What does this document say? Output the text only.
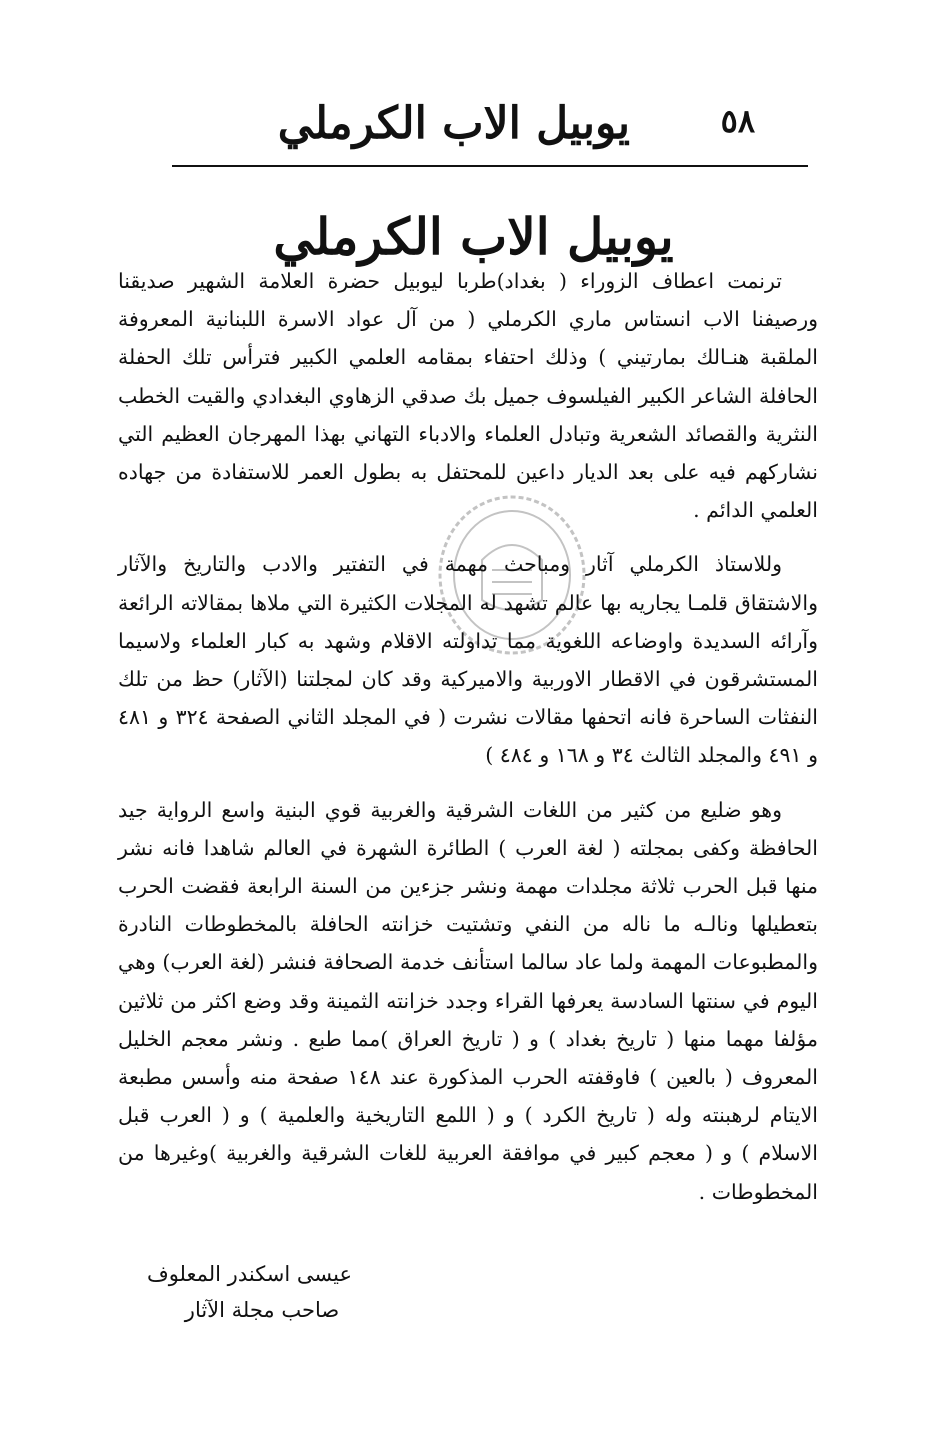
يوبيل الاب الكرملي	٥٨
يوبيل الاب الكرملي

ترنمت اعطاف الزوراء ( بغداد)طربا ليوبيل حضرة العلامة الشهير صديقنا ورصيفنا الاب انستاس ماري الكرملي ( من آل عواد الاسرة اللبنانية المعروفة الملقبة هنـالك بمارتيني ) وذلك احتفاء بمقامه العلمي الكبير فترأس تلك الحفلة الحافلة الشاعر الكبير الفيلسوف جميل بك صدقي الزهاوي البغدادي والقيت الخطب النثرية والقصائد الشعرية وتبادل العلماء والادباء التهاني بهذا المهرجان العظيم التي نشاركهم فيه على بعد الديار داعين للمحتفل به بطول العمر للاستفادة من جهاده العلمي الدائم .

وللاستاذ الكرملي آثار ومباحث مهمة في التفتير والادب والتاريخ والآثار والاشتقاق قلمـا يجاريه بها عالم تشهد له المجلات الكثيرة التي ملاها بمقالاته الرائعة وآرائه السديدة واوضاعه اللغوية مما تداولته الاقلام وشهد به كبار العلماء ولاسيما المستشرقون في الاقطار الاوربية والاميركية وقد كان لمجلتنا (الآثار) حظ من تلك النفثات الساحرة فانه اتحفها مقالات نشرت ( في المجلد الثاني الصفحة ٣٢٤ و ٤٨١ و ٤٩١ والمجلد الثالث ٣٤ و ١٦٨ و ٤٨٤ )

وهو ضليع من كثير من اللغات الشرقية والغربية قوي البنية واسع الرواية جيد الحافظة وكفى بمجلته ( لغة العرب ) الطائرة الشهرة في العالم شاهدا فانه نشر منها قبل الحرب ثلاثة مجلدات مهمة ونشر جزءين من السنة الرابعة فقضت الحرب بتعطيلها ونالـه ما ناله من النفي وتشتيت خزانته الحافلة بالمخطوطات النادرة والمطبوعات المهمة ولما عاد سالما استأنف خدمة الصحافة فنشر (لغة العرب) وهي اليوم في سنتها السادسة يعرفها القراء وجدد خزانته الثمينة وقد وضع اكثر من ثلاثين مؤلفا مهما منها ( تاريخ بغداد ) و ( تاريخ العراق )مما طبع . ونشر معجم الخليل المعروف ( بالعين ) فاوقفته الحرب المذكورة عند ١٤٨ صفحة منه وأسس مطبعة الايتام لرهبنته وله ( تاريخ الكرد ) و ( اللمع التاريخية والعلمية ) و ( العرب قبل الاسلام ) و ( معجم كبير في موافقة العربية للغات الشرقية والغربية )وغيرها من المخطوطات .

عيسى اسكندر المعلوف
صاحب مجلة الآثار
